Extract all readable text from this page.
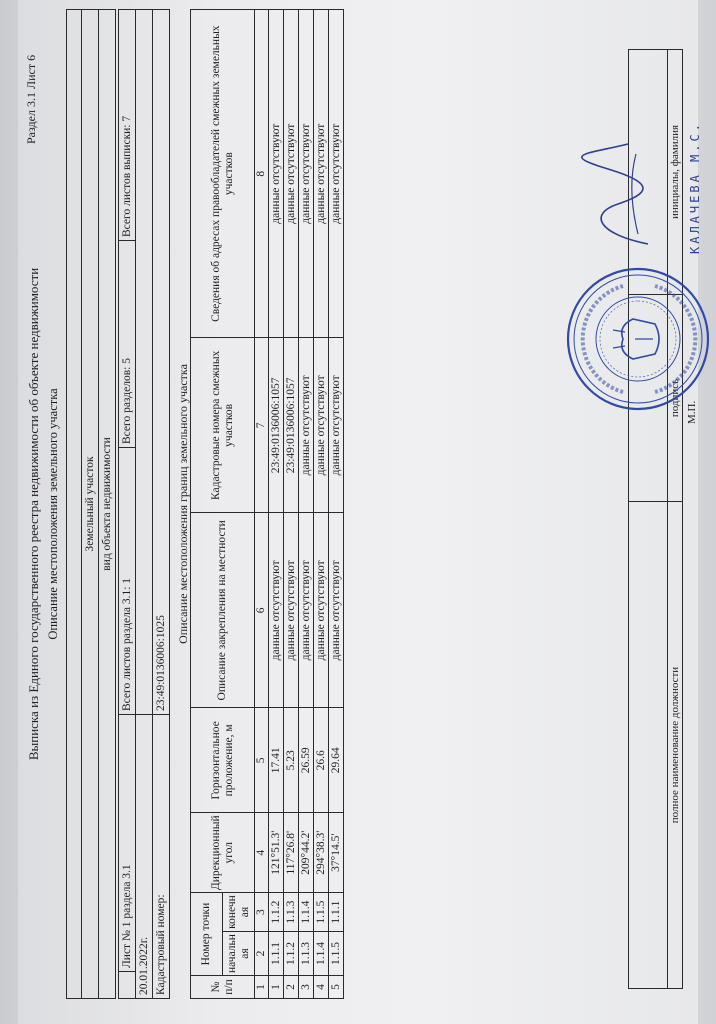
Раздел 3.1 Лист 6
Выписка из Единого государственного реестра недвижимости об объекте недвижимости Описание местоположения земельного участка Земельный участок
вид объекта недвижимости
	Лист № 1 раздела 3.1	Всего листов раздела 3.1: 1	Всего разделов: 5	Всего листов выписки: 7
20.01.2022г.				
Кадастровый номер:		23:49:0136006:1025		
Описание местоположения границ земельного участка
№ п/п	Номер точки		Дирекционный угол	Горизонтальное проложение, м	Описание закрепления на местности	Кадастровые номера смежных участков	Сведения об адресах правообладателей смежных земельных участков
	начальн ая	конечн ая					
1	2	3	4	5	6	7	8
1	1.1.1	1.1.2	121°51.3'	17.41	данные отсутствуют	23:49:0136006:1057	данные отсутствуют
2	1.1.2	1.1.3	117°26.8'	5.23	данные отсутствуют	23:49:0136006:1057	данные отсутствуют
3	1.1.3	1.1.4	209°44.2'	26.59	данные отсутствуют	данные отсутствуют	данные отсутствуют
4	1.1.4	1.1.5	294°38.3'	26.6	данные отсутствуют	данные отсутствуют	данные отсутствуют
5	1.1.5	1.1.1	37°14.5'	29.64	данные отсутствуют	данные отсутствуют	данные отсутствуют

полное наименование должности	подпись	инициалы, фамилия
М.П.
КАЛАЧЕВА М.С.
